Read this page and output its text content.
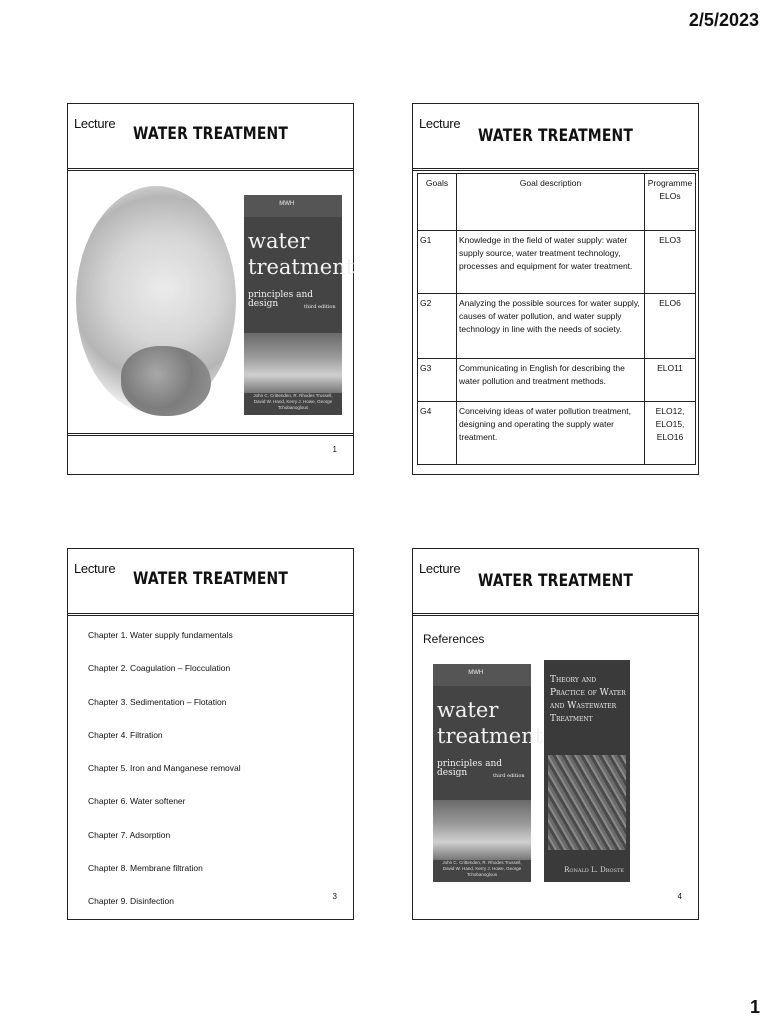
2/5/2023
Lecture
WATER TREATMENT
MWH
water
treatment
principles and design	third edition
John C. Crittenden, R. Rhodes Trussell, David W. Hand, Kerry J. Howe, George Tchobanoglous
1
Lecture
WATER TREATMENT
Goals	Goal description	Programme ELOs
G1	Knowledge in the field of water supply: water supply source, water treatment technology, processes and equipment for water treatment.	ELO3
G2	Analyzing the possible sources for water supply, causes of water pollution, and water supply technology in line with the needs of society.	ELO6
G3	Communicating in English for describing the water pollution and treatment methods.	ELO11
G4	Conceiving ideas of water pollution treatment, designing and operating the supply water treatment.	ELO12, ELO15, ELO16
Lecture
WATER TREATMENT
Chapter 1. Water supply fundamentals
Chapter 2. Coagulation – Flocculation
Chapter 3. Sedimentation – Flotation
Chapter 4. Filtration
Chapter 5. Iron and Manganese removal
Chapter 6. Water softener
Chapter 7. Adsorption
Chapter 8. Membrane filtration
Chapter 9. Disinfection	3
Lecture
WATER TREATMENT
References
MWH
water
treatment
principles and design	third edition
John C. Crittenden, R. Rhodes Trussell, David W. Hand, Kerry J. Howe, George Tchobanoglous
Theory and Practice of Water and Wastewater Treatment
Ronald L. Droste
4
1
